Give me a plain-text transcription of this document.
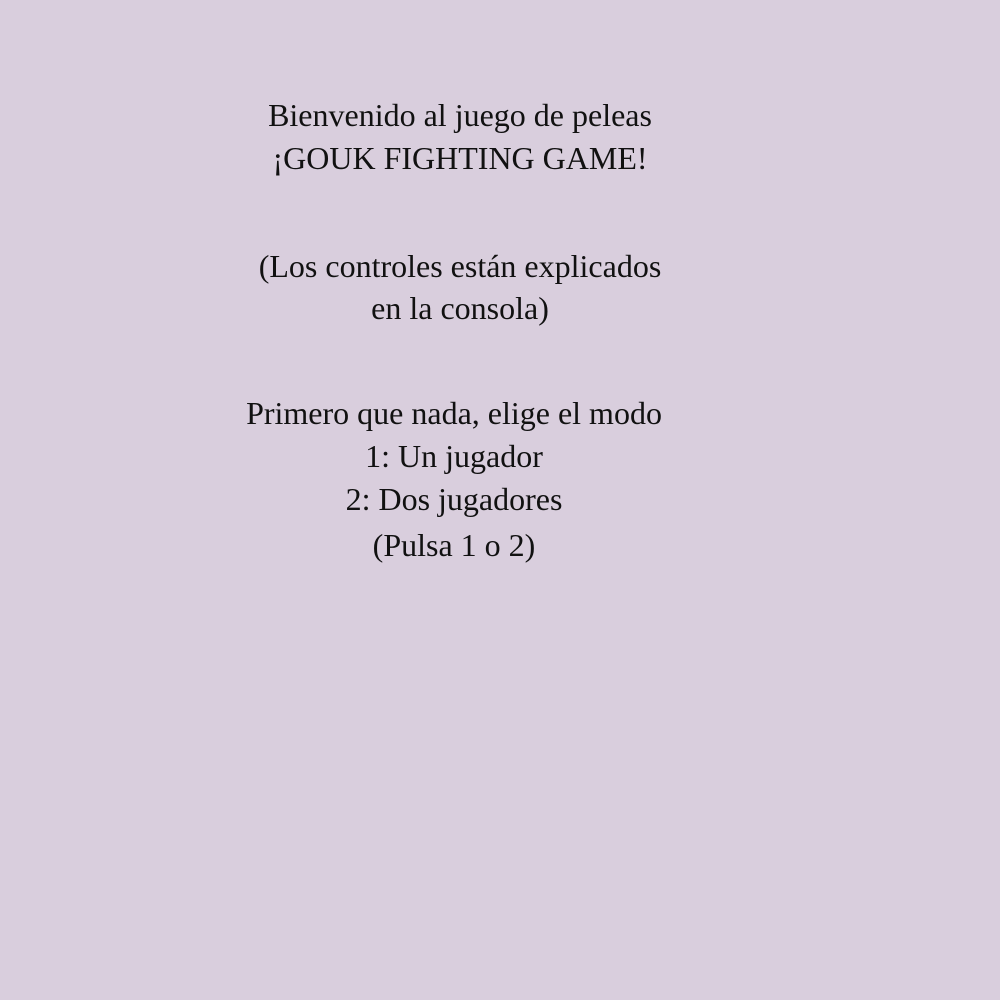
Bienvenido al juego de peleas

¡GOUK FIGHTING GAME!

(Los controles están explicados

en la consola)

Primero que nada, elige el modo

1: Un jugador

2: Dos jugadores

(Pulsa 1 o 2)
